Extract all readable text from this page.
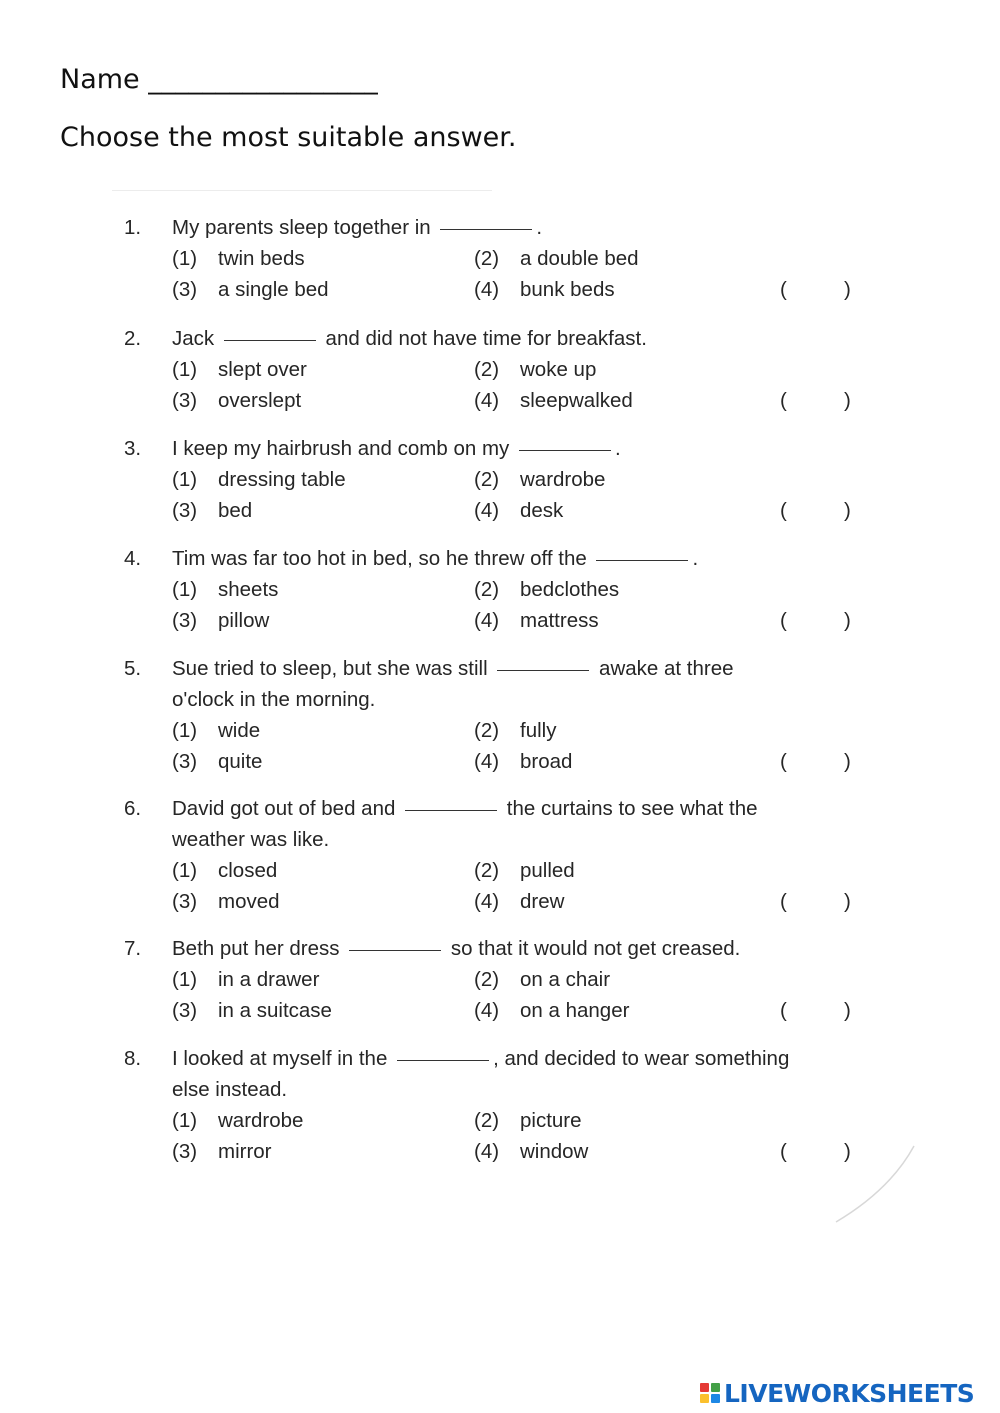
Name _________________
Choose the most suitable answer.
1. My parents sleep together in	.
(1) twin beds	(2) a double bed
(3) a single bed	(4) bunk beds	(	)
2. Jack	and did not have time for breakfast.
(1) slept over	(2) woke up
(3) overslept	(4) sleepwalked	(	)
3. I keep my hairbrush and comb on my	.
(1) dressing table	(2) wardrobe
(3) bed	(4) desk	(	)
4. Tim was far too hot in bed, so he threw off the	.
(1) sheets	(2) bedclothes
(3) pillow	(4) mattress	(	)
5. Sue tried to sleep, but she was still	awake at three
o'clock in the morning.
(1) wide	(2) fully
(3) quite	(4) broad	(	)
6. David got out of bed and	the curtains to see what the
weather was like.
(1) closed	(2) pulled
(3) moved	(4) drew	(	)
7. Beth put her dress	so that it would not get creased.
(1) in a drawer	(2) on a chair
(3) in a suitcase	(4) on a hanger	(	)
8. I looked at myself in the	, and decided to wear something
else instead.
(1) wardrobe	(2) picture
(3) mirror	(4) window	(	)
LIVEWORKSHEETS
